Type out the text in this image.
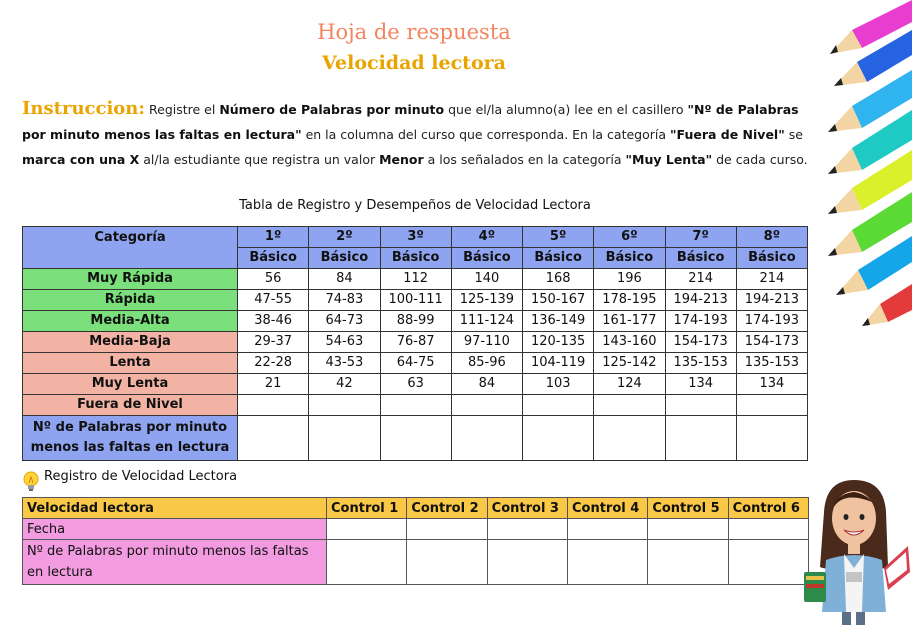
Hoja de respuesta
Velocidad lectora
Instruccion: Registre el Número de Palabras por minuto que el/la alumno(a) lee en el casillero "Nº de Palabras por minuto menos las faltas en lectura" en la columna del curso que corresponda. En la categoría "Fuera de Nivel" se marca con una X al/la estudiante que registra un valor Menor a los señalados en la categoría "Muy Lenta" de cada curso.
Tabla de Registro y Desempeños de Velocidad Lectora
Categoría	1º	2º	3º	4º	5º	6º	7º	8º
	Básico	Básico	Básico	Básico	Básico	Básico	Básico	Básico
Muy Rápida	56	84	112	140	168	196	214	214
Rápida	47-55	74-83	100-111	125-139	150-167	178-195	194-213	194-213
Media-Alta	38-46	64-73	88-99	111-124	136-149	161-177	174-193	174-193
Media-Baja	29-37	54-63	76-87	97-110	120-135	143-160	154-173	154-173
Lenta	22-28	43-53	64-75	85-96	104-119	125-142	135-153	135-153
Muy Lenta	21	42	63	84	103	124	134	134
Fuera de Nivel								
Nº de Palabras por minuto menos las faltas en lectura								
Registro de Velocidad Lectora
Velocidad lectora	Control 1	Control 2	Control 3	Control 4	Control 5	Control 6
Fecha						
Nº de Palabras por minuto menos las faltas en lectura						
